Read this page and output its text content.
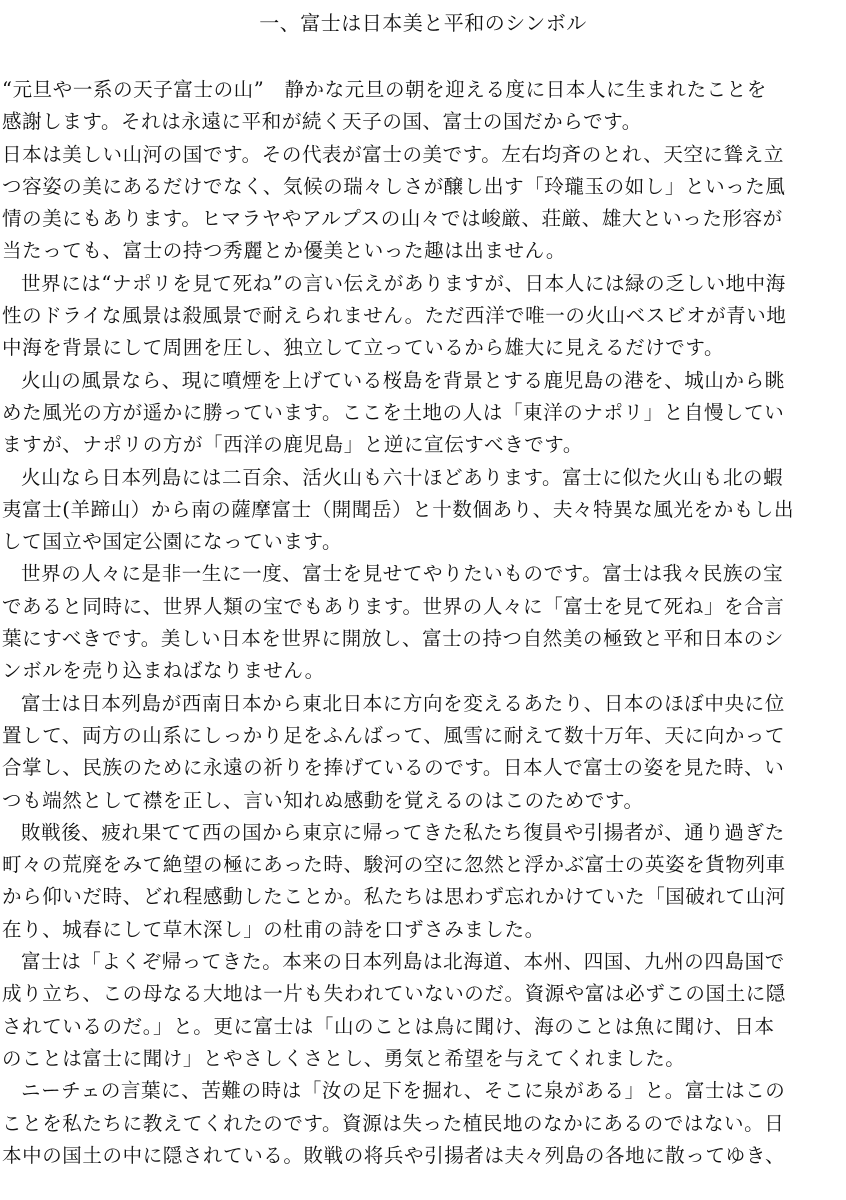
一、富士は日本美と平和のシンボル
“元旦や一系の天子富士の山”　静かな元旦の朝を迎える度に日本人に生まれたことを
感謝します。それは永遠に平和が続く天子の国、富士の国だからです。
日本は美しい山河の国です。その代表が富士の美です。左右均斉のとれ、天空に聳え立
つ容姿の美にあるだけでなく、気候の瑞々しさが醸し出す「玲瓏玉の如し」といった風
情の美にもあります。ヒマラヤやアルプスの山々では峻厳、荘厳、雄大といった形容が
当たっても、富士の持つ秀麗とか優美といった趣は出ません。
世界には“ナポリを見て死ね”の言い伝えがありますが、日本人には緑の乏しい地中海
性のドライな風景は殺風景で耐えられません。ただ西洋で唯一の火山ベスビオが青い地
中海を背景にして周囲を圧し、独立して立っているから雄大に見えるだけです。
火山の風景なら、現に噴煙を上げている桜島を背景とする鹿児島の港を、城山から眺
めた風光の方が遥かに勝っています。ここを土地の人は「東洋のナポリ」と自慢してい
ますが、ナポリの方が「西洋の鹿児島」と逆に宣伝すべきです。
火山なら日本列島には二百余、活火山も六十ほどあります。富士に似た火山も北の蝦
夷富士(羊蹄山）から南の薩摩富士（開聞岳）と十数個あり、夫々特異な風光をかもし出
して国立や国定公園になっています。
世界の人々に是非一生に一度、富士を見せてやりたいものです。富士は我々民族の宝
であると同時に、世界人類の宝でもあります。世界の人々に「富士を見て死ね」を合言
葉にすべきです。美しい日本を世界に開放し、富士の持つ自然美の極致と平和日本のシ
ンボルを売り込まねばなりません。
富士は日本列島が西南日本から東北日本に方向を変えるあたり、日本のほぼ中央に位
置して、両方の山系にしっかり足をふんばって、風雪に耐えて数十万年、天に向かって
合掌し、民族のために永遠の祈りを捧げているのです。日本人で富士の姿を見た時、い
つも端然として襟を正し、言い知れぬ感動を覚えるのはこのためです。
敗戦後、疲れ果てて西の国から東京に帰ってきた私たち復員や引揚者が、通り過ぎた
町々の荒廃をみて絶望の極にあった時、駿河の空に忽然と浮かぶ富士の英姿を貨物列車
から仰いだ時、どれ程感動したことか。私たちは思わず忘れかけていた「国破れて山河
在り、城春にして草木深し」の杜甫の詩を口ずさみました。
富士は「よくぞ帰ってきた。本来の日本列島は北海道、本州、四国、九州の四島国で
成り立ち、この母なる大地は一片も失われていないのだ。資源や富は必ずこの国土に隠
されているのだ。」と。更に富士は「山のことは鳥に聞け、海のことは魚に聞け、日本
のことは富士に聞け」とやさしくさとし、勇気と希望を与えてくれました。
ニーチェの言葉に、苦難の時は「汝の足下を掘れ、そこに泉がある」と。富士はこの
ことを私たちに教えてくれたのです。資源は失った植民地のなかにあるのではない。日
本中の国土の中に隠されている。敗戦の将兵や引揚者は夫々列島の各地に散ってゆき、
